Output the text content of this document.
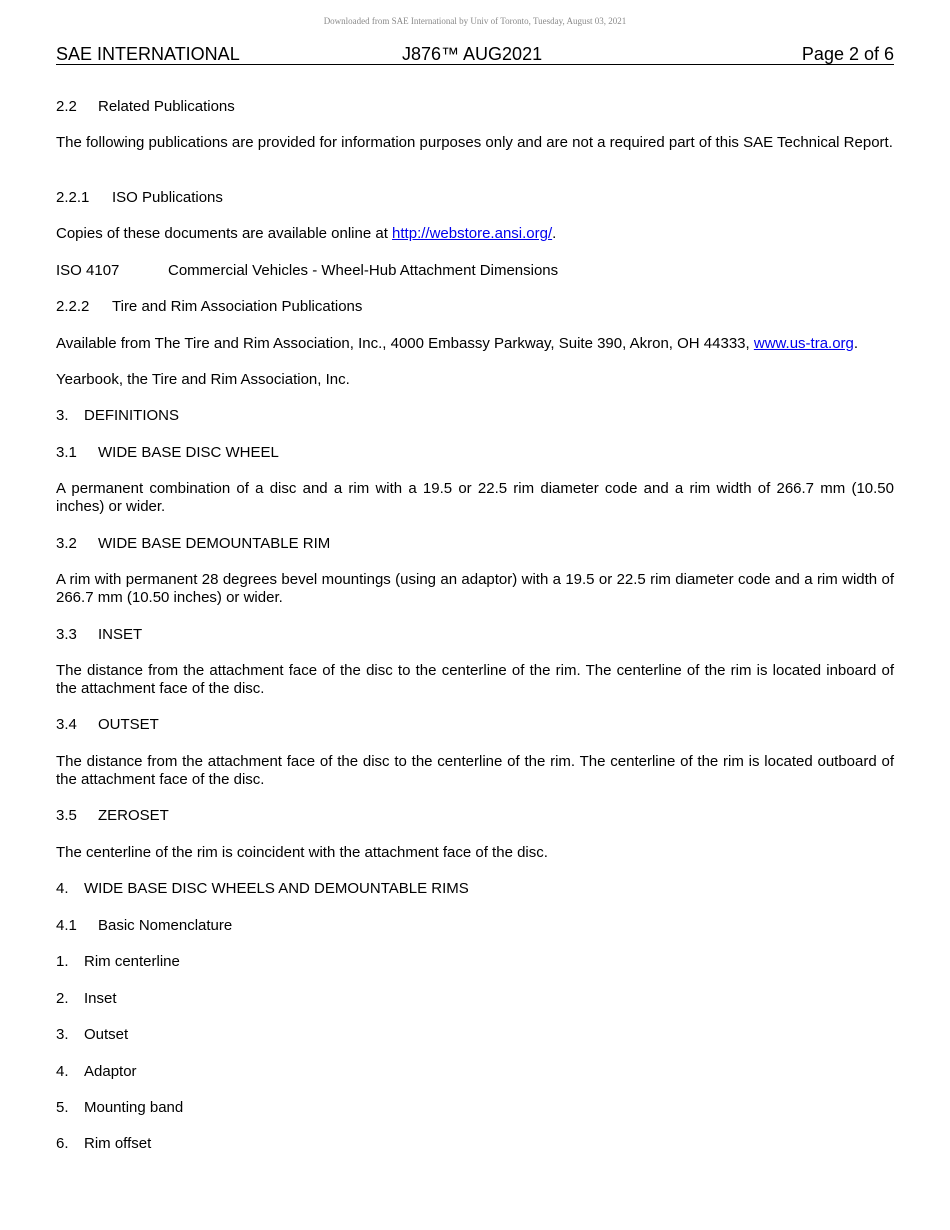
Downloaded from SAE International by Univ of Toronto, Tuesday, August 03, 2021
SAE INTERNATIONAL	J876™ AUG2021	Page 2 of 6

2.2 Related Publications

The following publications are provided for information purposes only and are not a required part of this SAE Technical Report.

2.2.1 ISO Publications

Copies of these documents are available online at http://webstore.ansi.org/.

ISO 4107	Commercial Vehicles - Wheel-Hub Attachment Dimensions

2.2.2 Tire and Rim Association Publications

Available from The Tire and Rim Association, Inc., 4000 Embassy Parkway, Suite 390, Akron, OH 44333, www.us-tra.org.

Yearbook, the Tire and Rim Association, Inc.

3. DEFINITIONS

3.1 WIDE BASE DISC WHEEL

A permanent combination of a disc and a rim with a 19.5 or 22.5 rim diameter code and a rim width of 266.7 mm (10.50 inches) or wider.

3.2 WIDE BASE DEMOUNTABLE RIM

A rim with permanent 28 degrees bevel mountings (using an adaptor) with a 19.5 or 22.5 rim diameter code and a rim width of 266.7 mm (10.50 inches) or wider.

3.3 INSET

The distance from the attachment face of the disc to the centerline of the rim. The centerline of the rim is located inboard of the attachment face of the disc.

3.4 OUTSET

The distance from the attachment face of the disc to the centerline of the rim. The centerline of the rim is located outboard of the attachment face of the disc.

3.5 ZEROSET

The centerline of the rim is coincident with the attachment face of the disc.

4. WIDE BASE DISC WHEELS AND DEMOUNTABLE RIMS

4.1 Basic Nomenclature

1. Rim centerline

2. Inset

3. Outset

4. Adaptor

5. Mounting band

6. Rim offset
